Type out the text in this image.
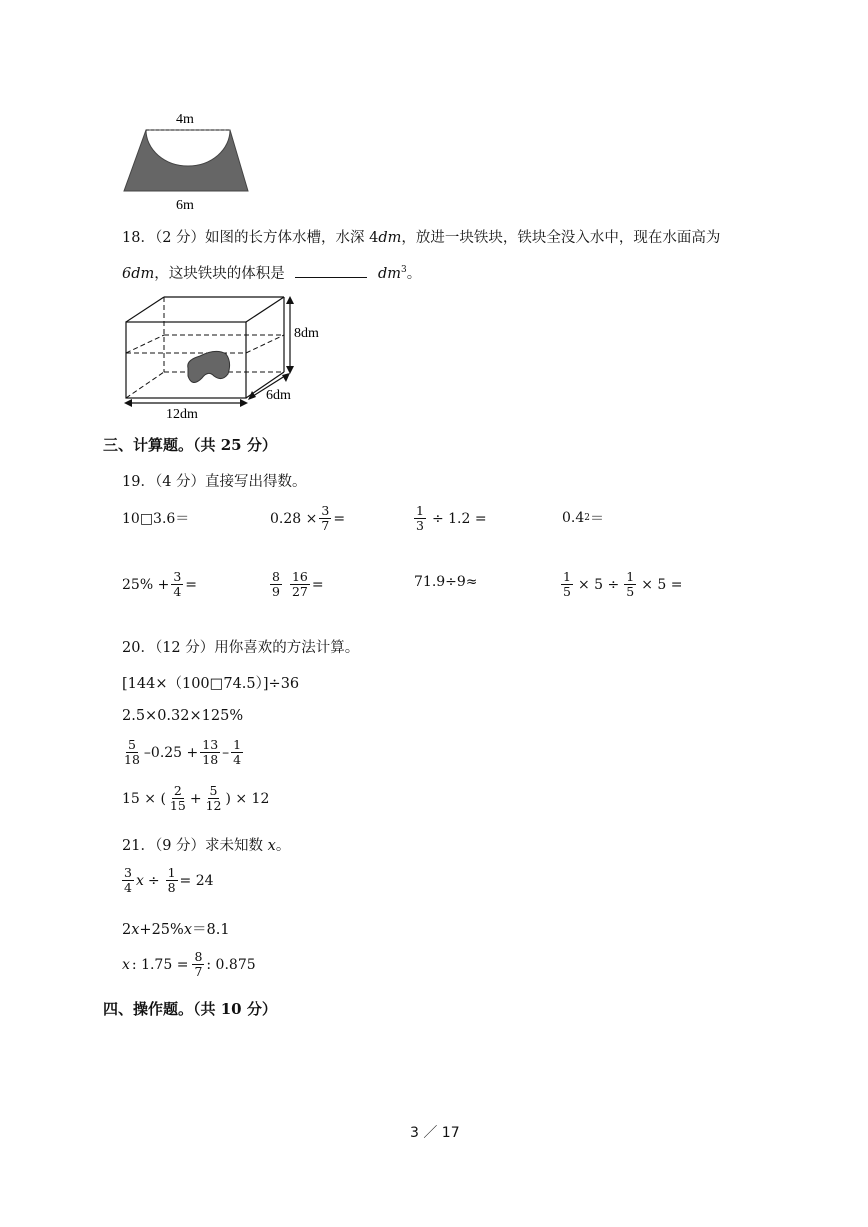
4m
6m
18．（2 分）如图的长方体水槽，水深 4dm，放进一块铁块，铁块全没入水中，现在水面高为
6dm，这块铁块的体积是	$dm^3$。
8dm
6dm
12dm
三、计算题。（共 25 分）
19．（4 分）直接写出得数。
10□3.6＝	$0.28 \times \frac{3}{7}$ =	$\frac{1}{3} \div 1.2$ =	0.4 2 ＝
$25\% + \frac{3}{4}$ =	$\frac{8}{9} \frac{16}{27}$ =	71.9÷9≈	$\frac{1}{5} \times 5 \div \frac{1}{5} \times 5$ =
20．（12 分）用你喜欢的方法计算。
[144×（100□74.5）]÷36
2.5×0.32×125%
$\frac{5}{18} -0.25 + \frac{13}{18} - \frac{1}{4}$
15 × ( $\frac{2}{15} + \frac{5}{12}$ ) × 12
21．（9 分）求未知数 x。
$\frac{3}{4}$ $x \div \frac{1}{8} = 24$
2x+25%x＝8.1
x : $1.75 = \frac{8}{7}$ : 0.875
四、操作题。（共 10 分）
3 ／ 17
